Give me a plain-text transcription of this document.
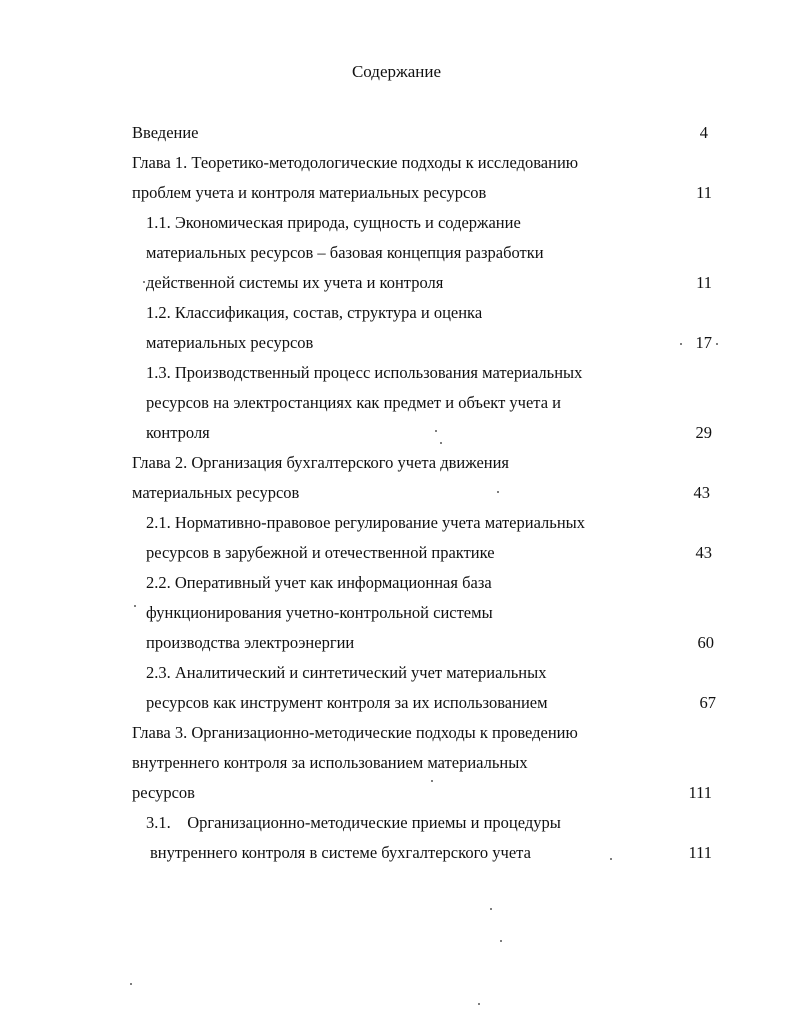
Содержание
Введение	4
Глава 1. Теоретико-методологические подходы к исследованию
проблем учета и контроля материальных ресурсов	11
1.1. Экономическая природа, сущность и содержание
материальных ресурсов – базовая концепция разработки
действенной системы их учета и контроля	11
1.2. Классификация, состав, структура и оценка
материальных ресурсов	17
1.3. Производственный процесс использования материальных
ресурсов на электростанциях как предмет и объект учета и
контроля	29
Глава 2. Организация бухгалтерского учета движения
материальных ресурсов	43
2.1. Нормативно-правовое регулирование учета материальных
ресурсов в зарубежной и отечественной практике	43
2.2. Оперативный учет как информационная база
функционирования учетно-контрольной системы
производства электроэнергии	60
2.3. Аналитический и синтетический учет материальных
ресурсов как инструмент контроля за их использованием	67
Глава 3. Организационно-методические подходы к проведению
внутреннего контроля за использованием материальных
ресурсов	111
3.1.    Организационно-методические приемы и процедуры
внутреннего контроля в системе бухгалтерского учета	111
